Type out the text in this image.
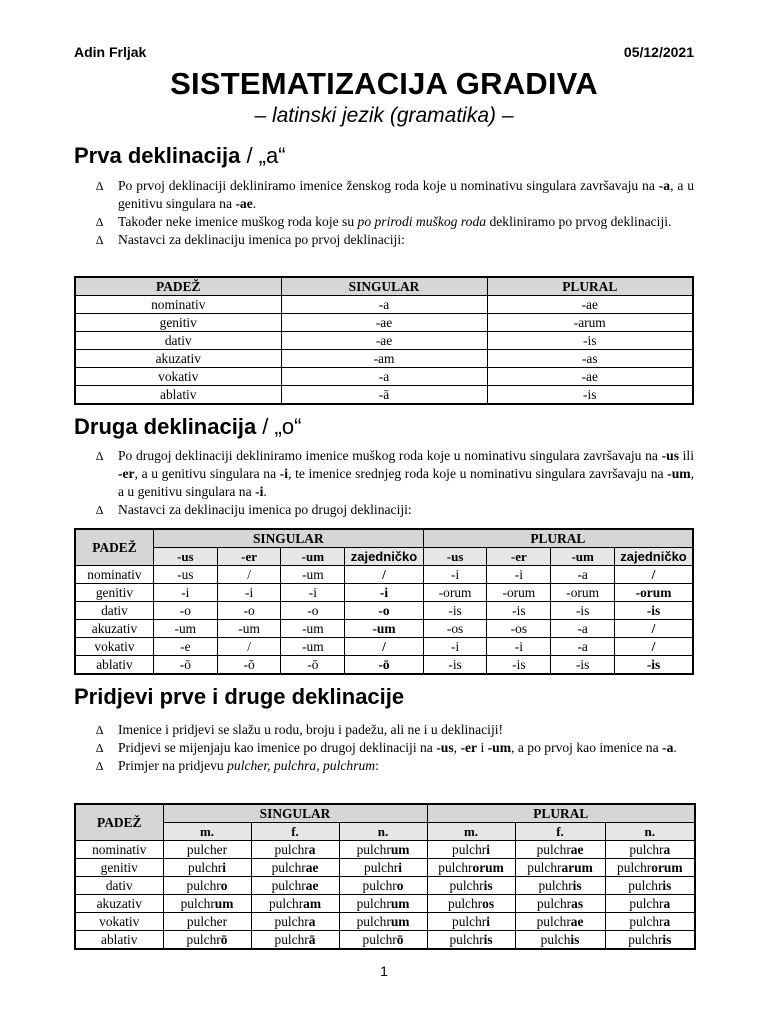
Adin Frljak	05/12/2021
SISTEMATIZACIJA GRADIVA
– latinski jezik (gramatika) –
Prva deklinacija / „a“
∆ Po prvoj deklinaciji dekliniramo imenice ženskog roda koje u nominativu singulara završavaju na -a, a u genitivu singulara na -ae.
∆ Također neke imenice muškog roda koje su po prirodi muškog roda dekliniramo po prvog deklinaciji.
∆ Nastavci za deklinaciju imenica po prvoj deklinaciji:
PADEŽ	SINGULAR	PLURAL
nominativ	-a	-ae
genitiv	-ae	-arum
dativ	-ae	-is
akuzativ	-am	-as
vokativ	-a	-ae
ablativ	-ā	-is
Druga deklinacija / „o“
∆ Po drugoj deklinaciji dekliniramo imenice muškog roda koje u nominativu singulara završavaju na -us ili -er, a u genitivu singulara na -i, te imenice srednjeg roda koje u nominativu singulara završavaju na -um, a u genitivu singulara na -i.
∆ Nastavci za deklinaciju imenica po drugoj deklinaciji:
PADEŽ	SINGULAR				PLURAL			
	-us	-er	-um	zajedničko	-us	-er	-um	zajedničko
nominativ	-us	/	-um	/	-i	-i	-a	/
genitiv	-i	-i	-i	-i	-orum	-orum	-orum	-orum
dativ	-o	-o	-o	-o	-is	-is	-is	-is
akuzativ	-um	-um	-um	-um	-os	-os	-a	/
vokativ	-e	/	-um	/	-i	-i	-a	/
ablativ	-ō	-ō	-ō	-ō	-is	-is	-is	-is
Pridjevi prve i druge deklinacije
∆ Imenice i pridjevi se slažu u rodu, broju i padežu, ali ne i u deklinaciji!
∆ Pridjevi se mijenjaju kao imenice po drugoj deklinaciji na -us, -er i -um, a po prvoj kao imenice na -a.
∆ Primjer na pridjevu pulcher, pulchra, pulchrum:
PADEŽ	SINGULAR			PLURAL		
	m.	f.	n.	m.	f.	n.
nominativ	pulcher	pulchra	pulchrum	pulchri	pulchrae	pulchra
genitiv	pulchri	pulchrae	pulchri	pulchrorum	pulchrarum	pulchrorum
dativ	pulchro	pulchrae	pulchro	pulchris	pulchris	pulchris
akuzativ	pulchrum	pulchram	pulchrum	pulchros	pulchras	pulchra
vokativ	pulcher	pulchra	pulchrum	pulchri	pulchrae	pulchra
ablativ	pulchrō	pulchrā	pulchrō	pulchris	pulchis	pulchris
1
